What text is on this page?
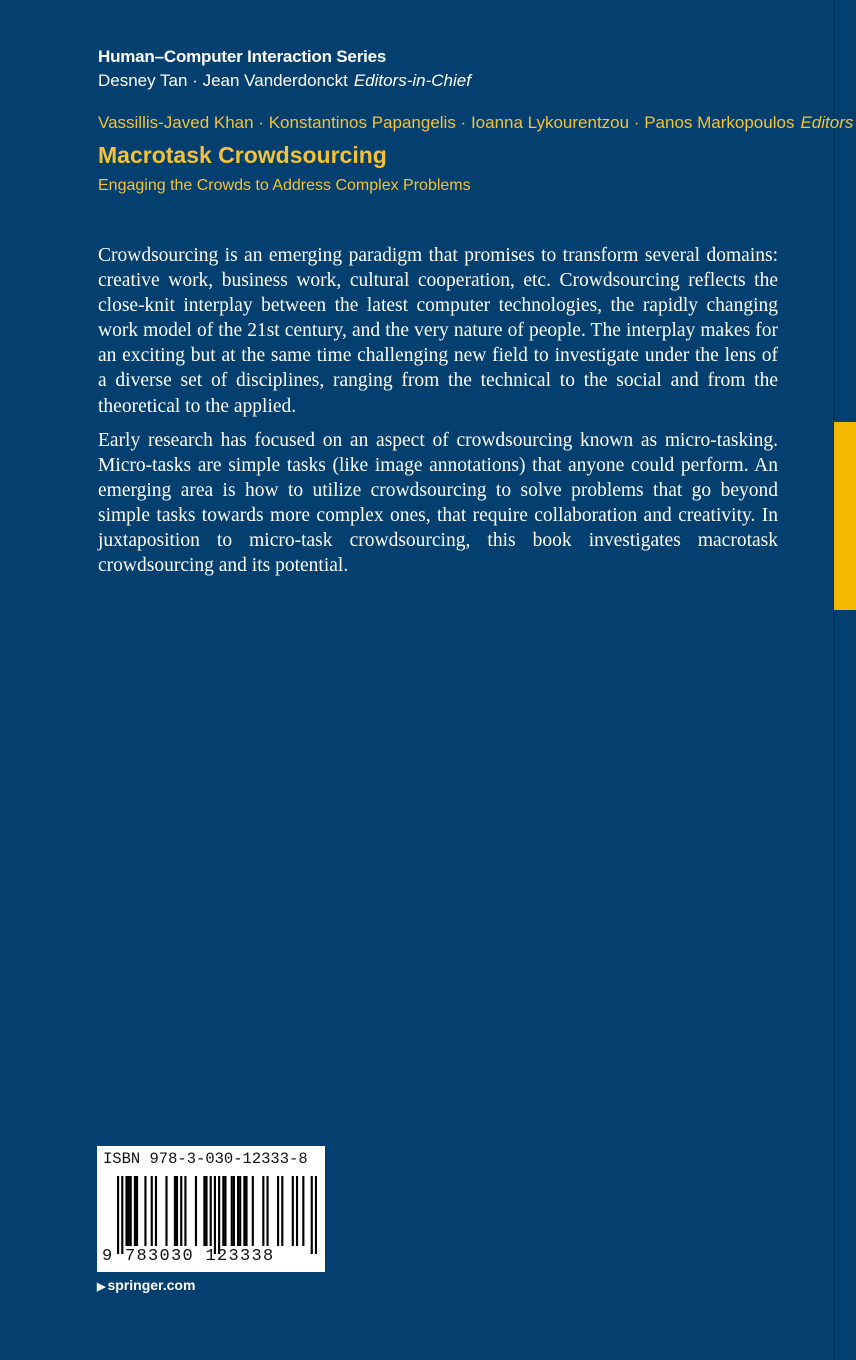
Human–Computer Interaction Series
Desney Tan · Jean Vanderdonckt Editors-in-Chief
Vassillis-Javed Khan · Konstantinos Papangelis · Ioanna Lykourentzou · Panos Markopoulos Editors
Macrotask Crowdsourcing
Engaging the Crowds to Address Complex Problems

Crowdsourcing is an emerging paradigm that promises to transform several domains: creative work, business work, cultural cooperation, etc. Crowdsourcing reflects the close-knit interplay between the latest computer technologies, the rapidly changing work model of the 21st century, and the very nature of people. The interplay makes for an exciting but at the same time challenging new field to investigate under the lens of a diverse set of disciplines, ranging from the technical to the social and from the theoretical to the applied.

Early research has focused on an aspect of crowdsourcing known as micro-tasking. Micro-tasks are simple tasks (like image annotations) that anyone could perform. An emerging area is how to utilize crowdsourcing to solve problems that go beyond simple tasks towards more complex ones, that require collaboration and creativity. In juxtaposition to micro-task crowdsourcing, this book investigates macrotask crowdsourcing and its potential.

ISBN 978-3-030-12333-8
9 783030 123338
▶ springer.com
